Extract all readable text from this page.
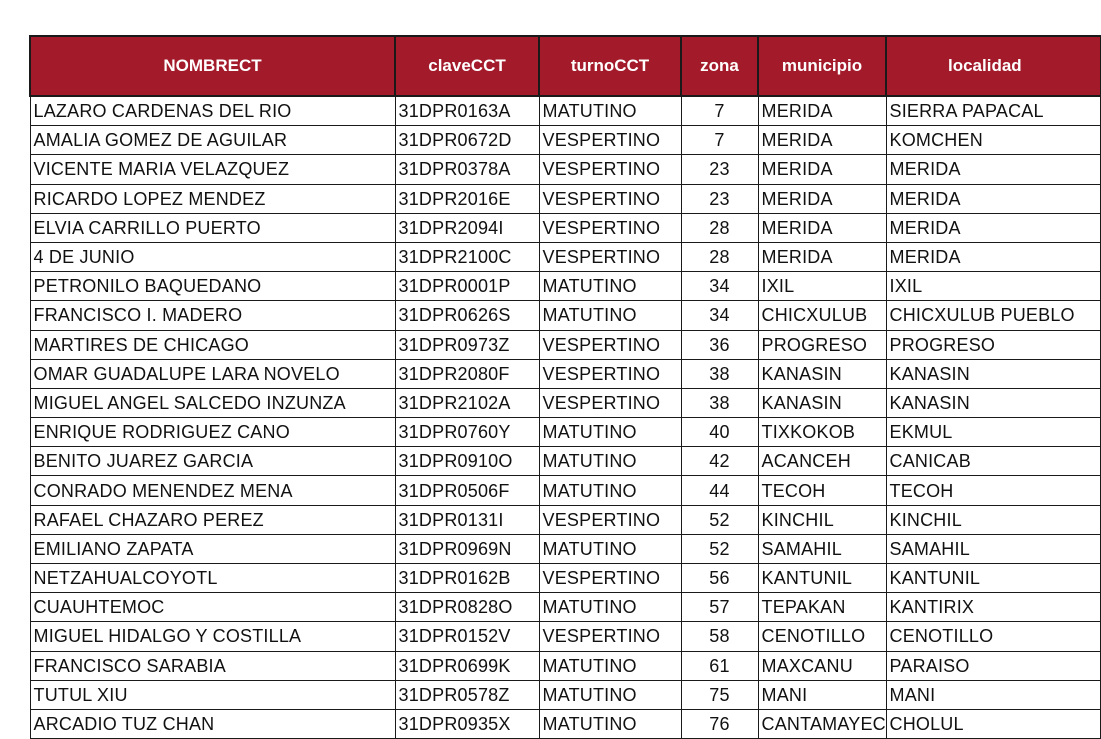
NOMBRECT	claveCCT	turnoCCT	zona	municipio	localidad
LAZARO CARDENAS DEL RIO	31DPR0163A	MATUTINO	7	MERIDA	SIERRA PAPACAL
AMALIA GOMEZ DE AGUILAR	31DPR0672D	VESPERTINO	7	MERIDA	KOMCHEN
VICENTE MARIA VELAZQUEZ	31DPR0378A	VESPERTINO	23	MERIDA	MERIDA
RICARDO LOPEZ MENDEZ	31DPR2016E	VESPERTINO	23	MERIDA	MERIDA
ELVIA CARRILLO PUERTO	31DPR2094I	VESPERTINO	28	MERIDA	MERIDA
4 DE JUNIO	31DPR2100C	VESPERTINO	28	MERIDA	MERIDA
PETRONILO BAQUEDANO	31DPR0001P	MATUTINO	34	IXIL	IXIL
FRANCISCO I. MADERO	31DPR0626S	MATUTINO	34	CHICXULUB	CHICXULUB PUEBLO
MARTIRES DE CHICAGO	31DPR0973Z	VESPERTINO	36	PROGRESO	PROGRESO
OMAR GUADALUPE LARA NOVELO	31DPR2080F	VESPERTINO	38	KANASIN	KANASIN
MIGUEL ANGEL SALCEDO INZUNZA	31DPR2102A	VESPERTINO	38	KANASIN	KANASIN
ENRIQUE RODRIGUEZ CANO	31DPR0760Y	MATUTINO	40	TIXKOKOB	EKMUL
BENITO JUAREZ GARCIA	31DPR0910O	MATUTINO	42	ACANCEH	CANICAB
CONRADO MENENDEZ MENA	31DPR0506F	MATUTINO	44	TECOH	TECOH
RAFAEL CHAZARO PEREZ	31DPR0131I	VESPERTINO	52	KINCHIL	KINCHIL
EMILIANO ZAPATA	31DPR0969N	MATUTINO	52	SAMAHIL	SAMAHIL
NETZAHUALCOYOTL	31DPR0162B	VESPERTINO	56	KANTUNIL	KANTUNIL
CUAUHTEMOC	31DPR0828O	MATUTINO	57	TEPAKAN	KANTIRIX
MIGUEL HIDALGO Y COSTILLA	31DPR0152V	VESPERTINO	58	CENOTILLO	CENOTILLO
FRANCISCO SARABIA	31DPR0699K	MATUTINO	61	MAXCANU	PARAISO
TUTUL XIU	31DPR0578Z	MATUTINO	75	MANI	MANI
ARCADIO TUZ CHAN	31DPR0935X	MATUTINO	76	CANTAMAYEC	CHOLUL
